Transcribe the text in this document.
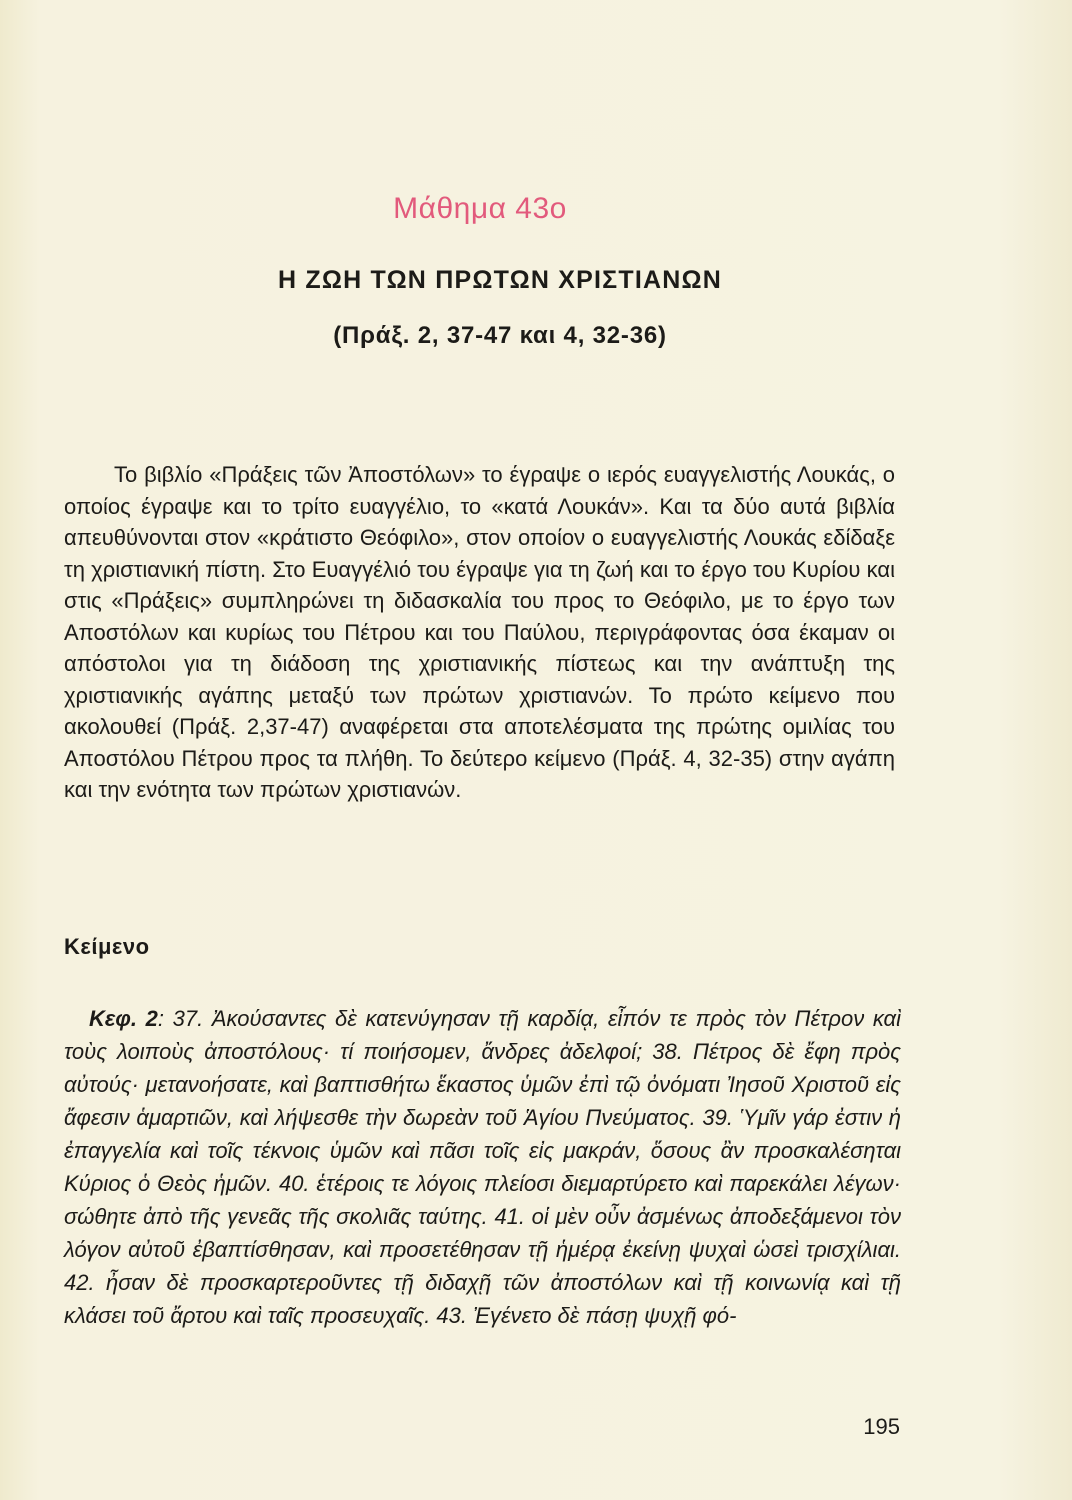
Μάθημα 43ο
Η ΖΩΗ ΤΩΝ ΠΡΩΤΩΝ ΧΡΙΣΤΙΑΝΩΝ
(Πράξ. 2, 37-47 και 4, 32-36)

Το βιβλίο «Πράξεις τῶν Ἀποστόλων» το έγραψε ο ιερός ευαγγελιστής Λουκάς, ο οποίος έγραψε και το τρίτο ευαγγέλιο, το «κατά Λουκάν». Και τα δύο αυτά βιβλία απευθύνονται στον «κράτιστο Θεόφιλο», στον οποίον ο ευαγγελιστής Λουκάς εδίδαξε τη χριστιανική πίστη. Στο Ευαγγέλιό του έγραψε για τη ζωή και το έργο του Κυρίου και στις «Πράξεις» συμπληρώνει τη διδασκαλία του προς το Θεόφιλο, με το έργο των Αποστόλων και κυρίως του Πέτρου και του Παύλου, περιγράφοντας όσα έκαμαν οι απόστολοι για τη διάδοση της χριστιανικής πίστεως και την ανάπτυξη της χριστιανικής αγάπης μεταξύ των πρώτων χριστιανών. Το πρώτο κείμενο που ακολουθεί (Πράξ. 2,37-47) αναφέρεται στα αποτελέσματα της πρώτης ομιλίας του Αποστόλου Πέτρου προς τα πλήθη. Το δεύτερο κείμενο (Πράξ. 4, 32-35) στην αγάπη και την ενότητα των πρώτων χριστιανών.

Κείμενο

Κεφ. 2: 37. Ἀκούσαντες δὲ κατενύγησαν τῇ καρδίᾳ, εἶπόν τε πρὸς τὸν Πέτρον καὶ τοὺς λοιποὺς ἀποστόλους· τί ποιήσομεν, ἄνδρες ἀδελφοί; 38. Πέτρος δὲ ἔφη πρὸς αὐτούς· μετανοήσατε, καὶ βαπτισθήτω ἕκαστος ὑμῶν ἐπὶ τῷ ὀνόματι Ἰησοῦ Χριστοῦ εἰς ἄφεσιν ἁμαρτιῶν, καὶ λήψεσθε τὴν δωρεὰν τοῦ Ἁγίου Πνεύματος. 39. Ὑμῖν γάρ ἐστιν ἡ ἐπαγγελία καὶ τοῖς τέκνοις ὑμῶν καὶ πᾶσι τοῖς εἰς μακράν, ὅσους ἂν προσκαλέσηται Κύριος ὁ Θεὸς ἡμῶν. 40. ἑτέροις τε λόγοις πλείοσι διεμαρτύρετο καὶ παρεκάλει λέγων· σώθητε ἀπὸ τῆς γενεᾶς τῆς σκολιᾶς ταύτης. 41. οἱ μὲν οὖν ἀσμένως ἀποδεξάμενοι τὸν λόγον αὐτοῦ ἐβαπτίσθησαν, καὶ προσετέθησαν τῇ ἡμέρᾳ ἐκείνῃ ψυχαὶ ὡσεὶ τρισχίλιαι. 42. ἦσαν δὲ προσκαρτεροῦντες τῇ διδαχῇ τῶν ἀποστόλων καὶ τῇ κοινωνίᾳ καὶ τῇ κλάσει τοῦ ἄρτου καὶ ταῖς προσευχαῖς. 43. Ἐγένετο δὲ πάσῃ ψυχῇ φό-

195
